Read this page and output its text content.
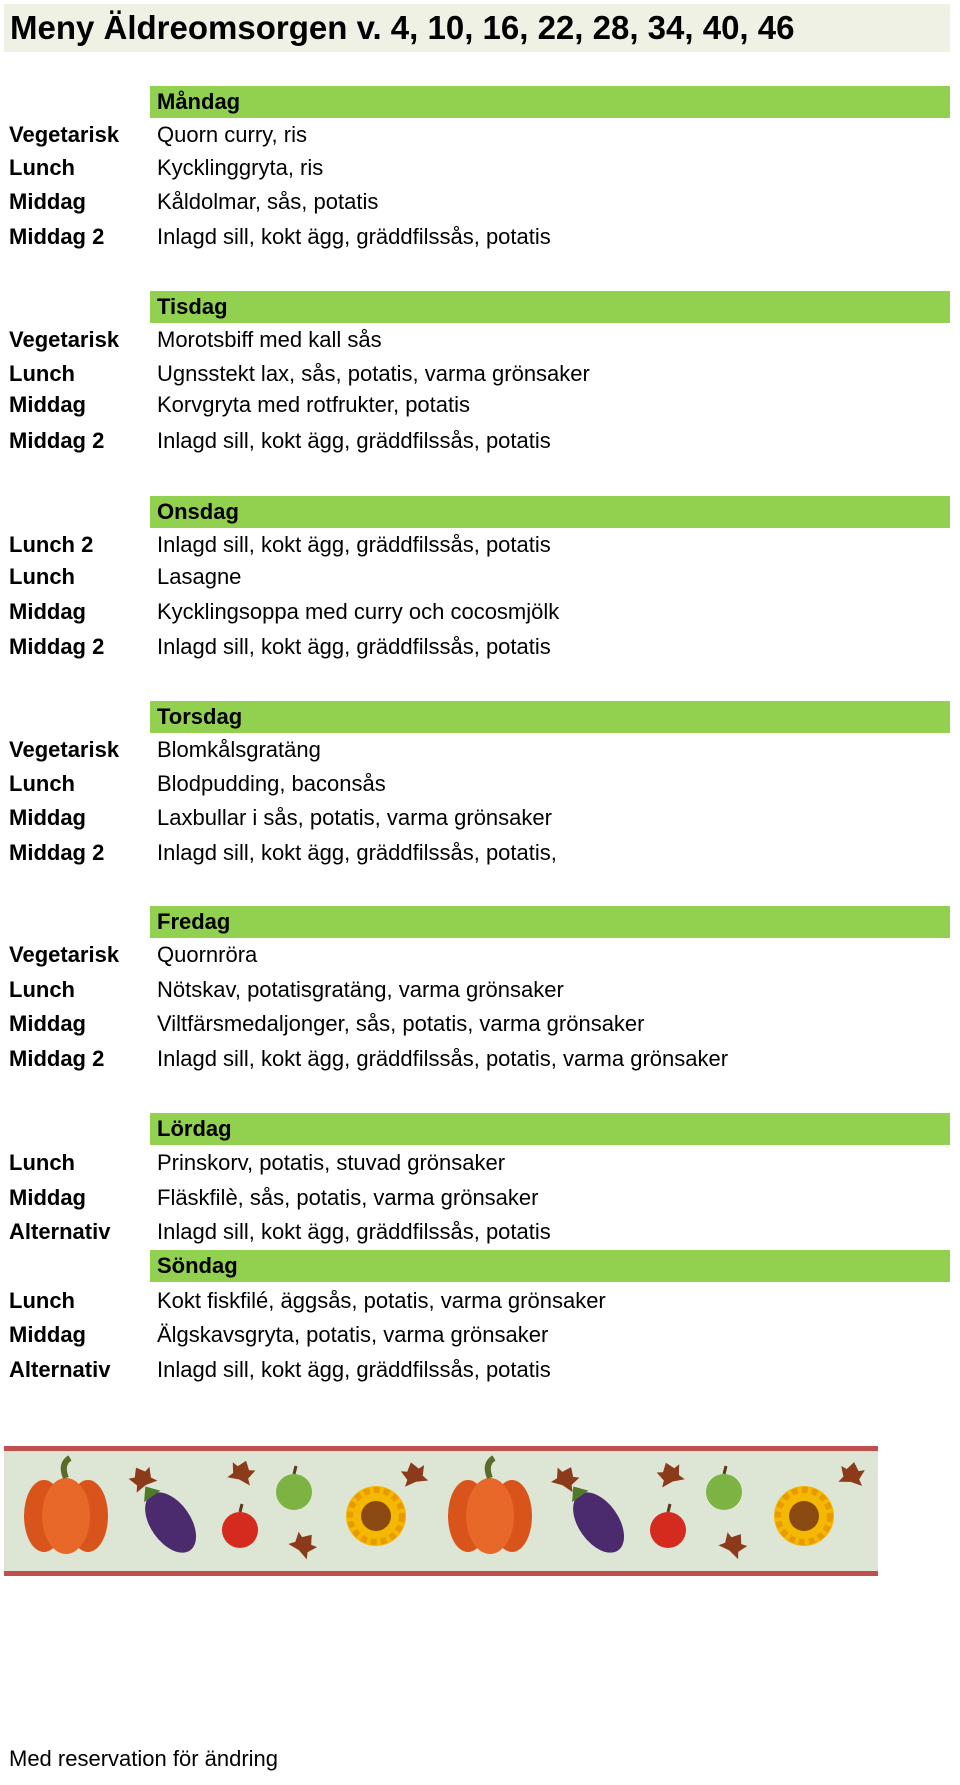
Meny Äldreomsorgen v. 4, 10, 16, 22, 28, 34, 40, 46
Måndag
Vegetarisk Quorn curry, ris
Lunch	Kycklinggryta, ris
Middag	Kåldolmar, sås, potatis
Middag 2 Inlagd sill, kokt ägg, gräddfilssås, potatis
Tisdag
Vegetarisk Morotsbiff med kall sås
Lunch	Ugnsstekt lax, sås, potatis, varma grönsaker
Middag	Korvgryta med rotfrukter, potatis
Middag 2 Inlagd sill, kokt ägg, gräddfilssås, potatis
Onsdag
Lunch 2	Inlagd sill, kokt ägg, gräddfilssås, potatis
Lunch	Lasagne
Middag	Kycklingsoppa med curry och cocosmjölk
Middag 2 Inlagd sill, kokt ägg, gräddfilssås, potatis
Torsdag
Vegetarisk Blomkålsgratäng
Lunch	Blodpudding, baconsås
Middag	Laxbullar i sås, potatis, varma grönsaker
Middag 2 Inlagd sill, kokt ägg, gräddfilssås, potatis,
Fredag
Vegetarisk Quornröra
Lunch	Nötskav, potatisgratäng, varma grönsaker
Middag	Viltfärsmedaljonger, sås, potatis, varma grönsaker
Middag 2 Inlagd sill, kokt ägg, gräddfilssås, potatis, varma grönsaker
Lördag
Lunch	Prinskorv, potatis, stuvad grönsaker
Middag	Fläskfilè, sås, potatis, varma grönsaker
Alternativ Inlagd sill, kokt ägg, gräddfilssås, potatis
Söndag
Lunch	Kokt fiskfilé, äggsås, potatis, varma grönsaker
Middag	Älgskavsgryta, potatis, varma grönsaker
Alternativ Inlagd sill, kokt ägg, gräddfilssås, potatis
Med reservation för ändring
